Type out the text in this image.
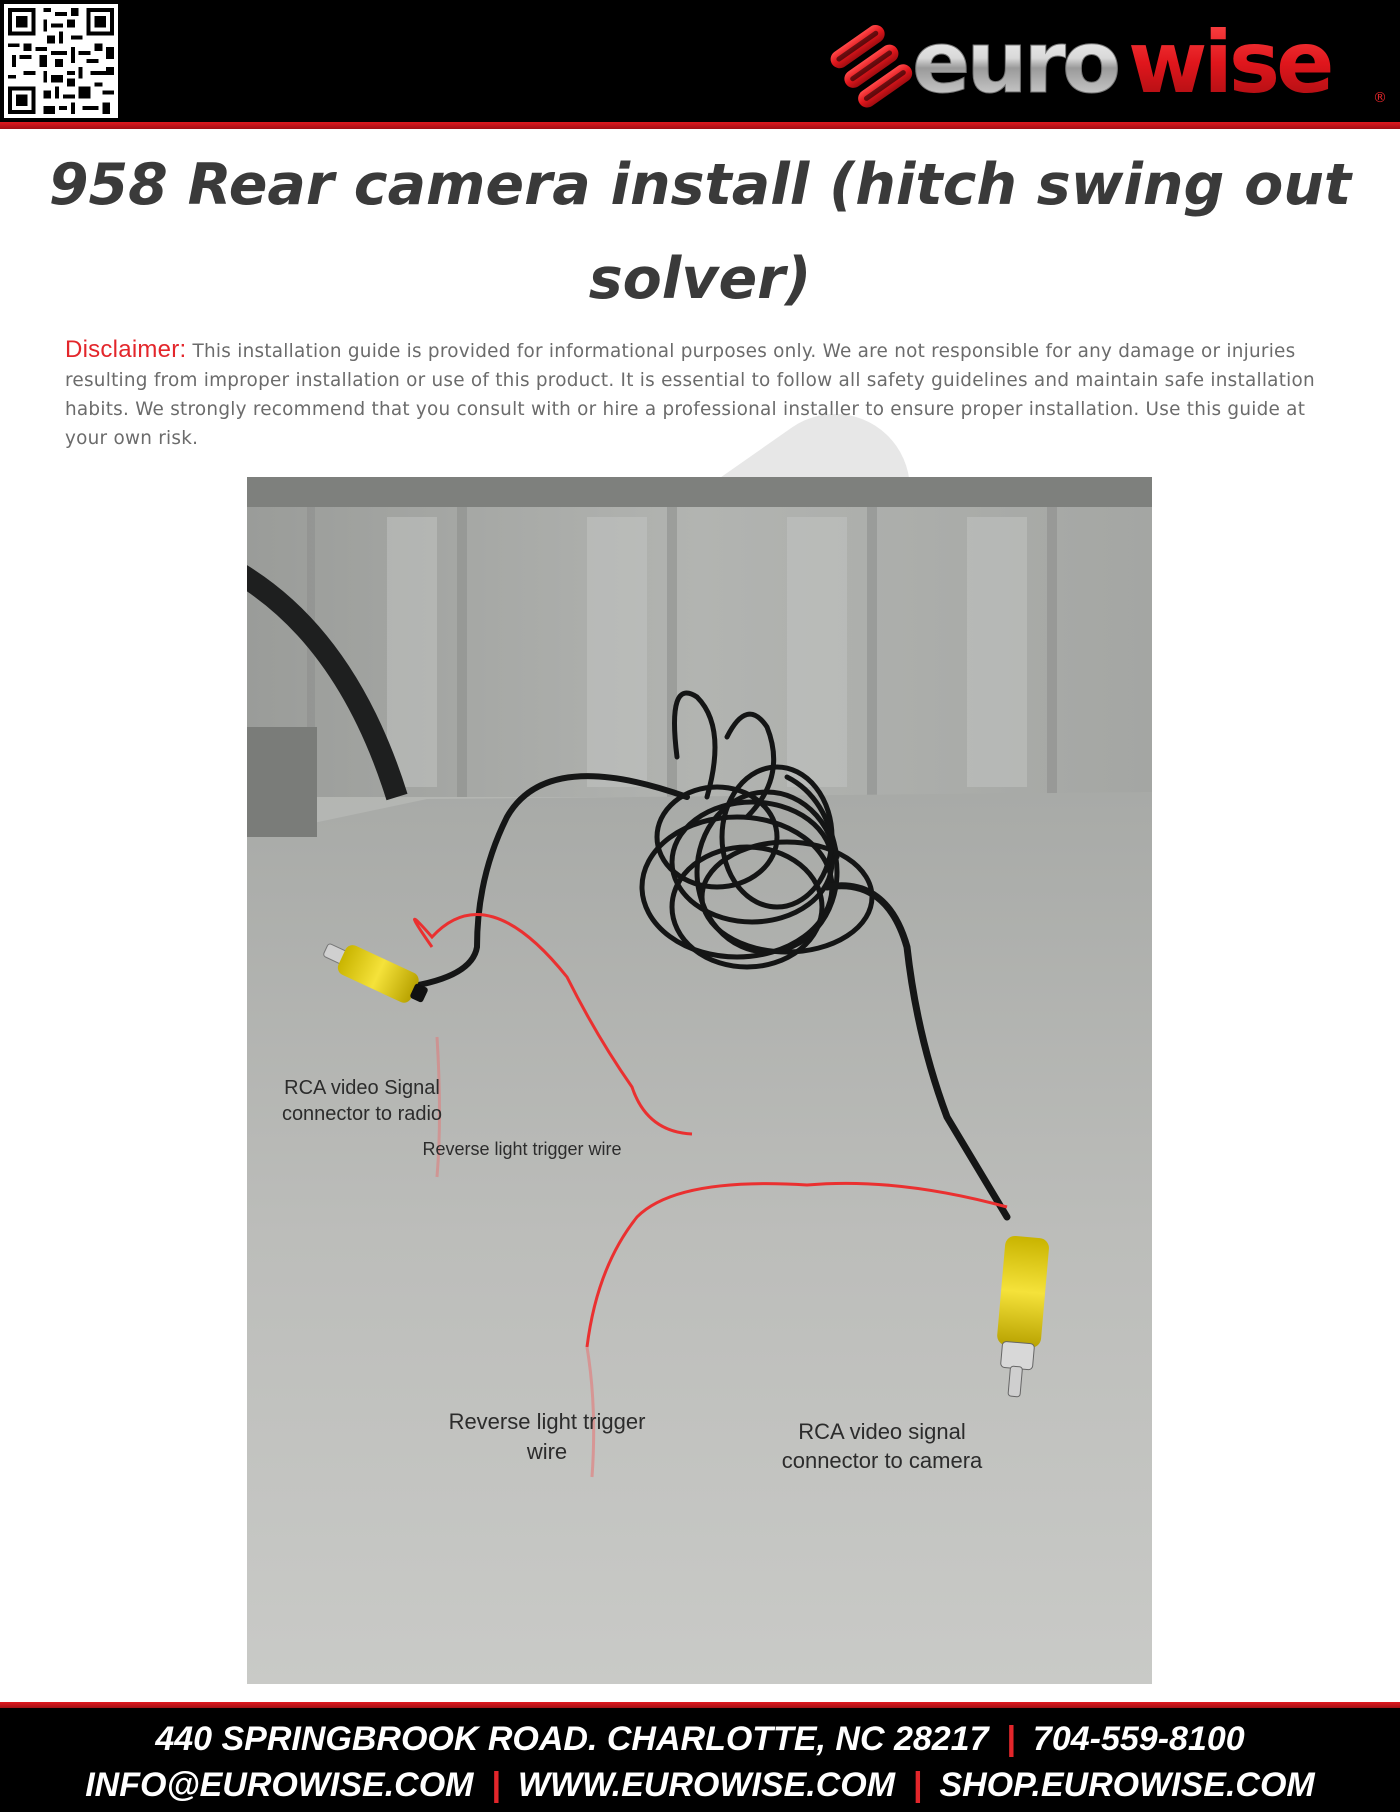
euro wise	®
958 Rear camera install (hitch swing out solver)
Disclaimer: This installation guide is provided for informational purposes only. We are not responsible for any damage or injuries resulting from improper installation or use of this product. It is essential to follow all safety guidelines and maintain safe installation habits. We strongly recommend that you consult with or hire a professional installer to ensure proper installation. Use this guide at your own risk.
RCA video Signal connector to radio
Reverse light trigger wire
Reverse light trigger wire
RCA video signal connector to camera
440 SPRINGBROOK ROAD. CHARLOTTE, NC 28217 | 704-559-8100
INFO@EUROWISE.COM | WWW.EUROWISE.COM | SHOP.EUROWISE.COM
